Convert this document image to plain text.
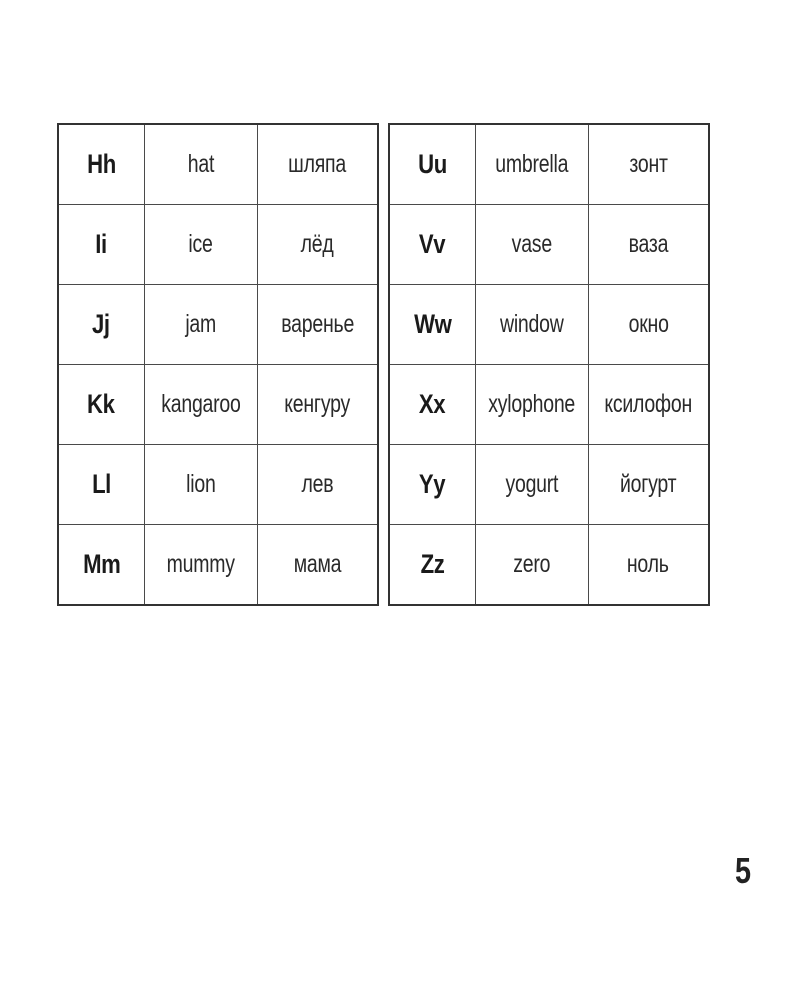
Hh	hat	шляпа
Ii	ice	лёд
Jj	jam	варенье
Kk	kangaroo	кенгуру
Ll	lion	лев
Mm	mummy	мама
Uu	umbrella	зонт
Vv	vase	ваза
Ww	window	окно
Xx	xylophone	ксилофон
Yy	yogurt	йогурт
Zz	zero	ноль
5
